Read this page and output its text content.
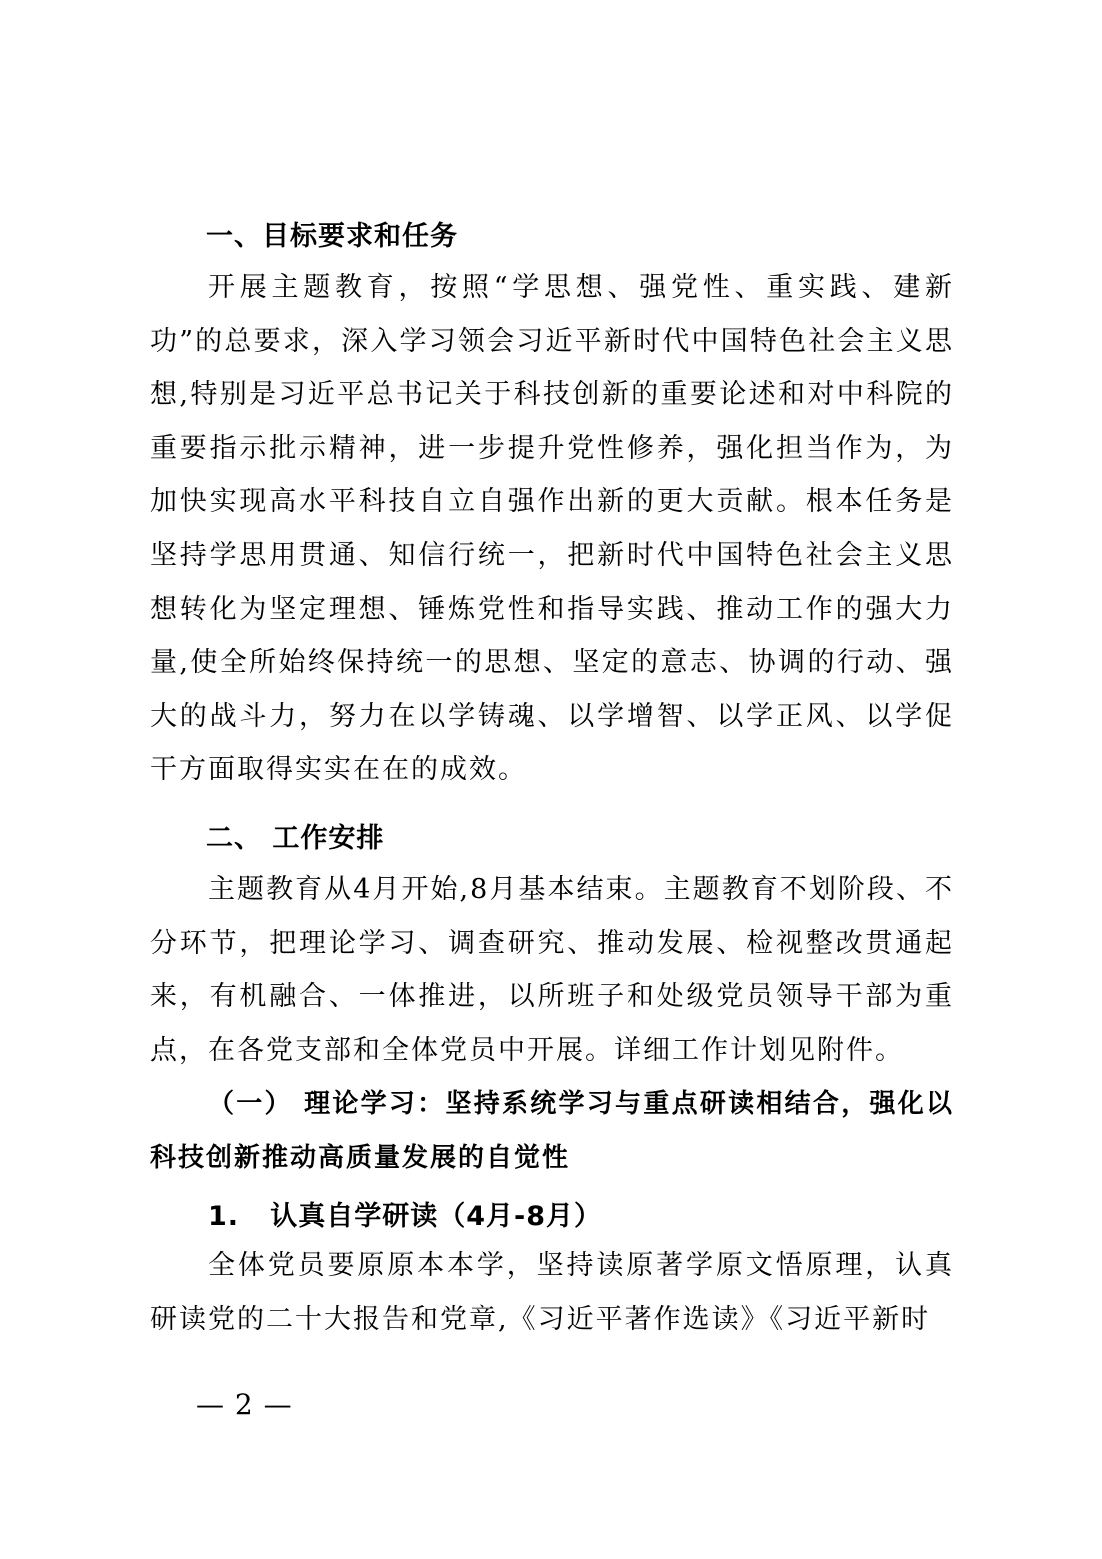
一、目标要求和任务

开展主题教育，按照“学思想、强党性、重实践、建新功”的总要求，深入学习领会习近平新时代中国特色社会主义思想,特别是习近平总书记关于科技创新的重要论述和对中科院的重要指示批示精神，进一步提升党性修养，强化担当作为，为加快实现高水平科技自立自强作出新的更大贡献。根本任务是坚持学思用贯通、知信行统一，把新时代中国特色社会主义思想转化为坚定理想、锤炼党性和指导实践、推动工作的强大力量,使全所始终保持统一的思想、坚定的意志、协调的行动、强大的战斗力，努力在以学铸魂、以学增智、以学正风、以学促干方面取得实实在在的成效。

二、 工作安排

主题教育从4月开始,8月基本结束。主题教育不划阶段、不分环节，把理论学习、调查研究、推动发展、检视整改贯通起来，有机融合、一体推进，以所班子和处级党员领导干部为重点，在各党支部和全体党员中开展。详细工作计划见附件。

（一） 理论学习：坚持系统学习与重点研读相结合，强化以科技创新推动高质量发展的自觉性

1.   认真自学研读（4月-8月）

全体党员要原原本本学，坚持读原著学原文悟原理，认真研读党的二十大报告和党章,《习近平著作选读》《习近平新时

— 2 —
